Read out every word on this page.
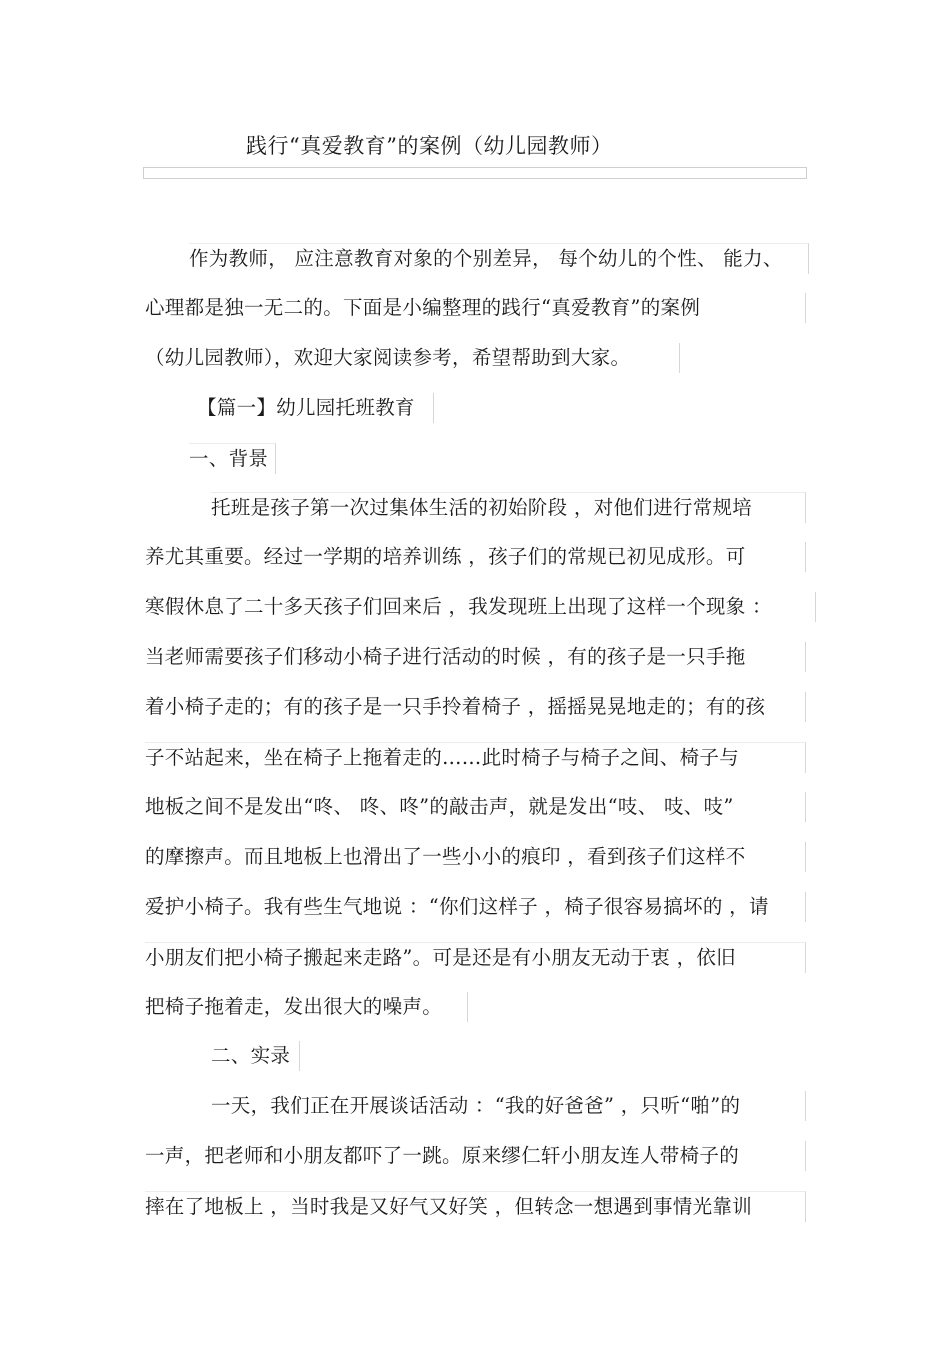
践行“真爱教育”的案例（幼儿园教师）
作为教师， 应注意教育对象的个别差异， 每个幼儿的个性、 能力、
心理都是独一无二的。下面是小编整理的践行“真爱教育”的案例
（幼儿园教师），欢迎大家阅读参考，希望帮助到大家。
【篇一】幼儿园托班教育
一、背景
托班是孩子第一次过集体生活的初始阶段 ，对他们进行常规培
养尤其重要。经过一学期的培养训练 ，孩子们的常规已初见成形。可
寒假休息了二十多天孩子们回来后 ，我发现班上出现了这样一个现象 ：
当老师需要孩子们移动小椅子进行活动的时候 ，有的孩子是一只手拖
着小椅子走的；有的孩子是一只手拎着椅子 ，摇摇晃晃地走的；有的孩
子不站起来，坐在椅子上拖着走的……此时椅子与椅子之间、椅子与
地板之间不是发出“咚、 咚、咚”的敲击声，就是发出“吱、 吱、吱”
的摩擦声。而且地板上也滑出了一些小小的痕印 ，看到孩子们这样不
爱护小椅子。我有些生气地说 ：“你们这样子 ，椅子很容易搞坏的 ，请
小朋友们把小椅子搬起来走路”。可是还是有小朋友无动于衷 ，依旧
把椅子拖着走，发出很大的噪声。
二、实录
一天，我们正在开展谈话活动 ：“我的好爸爸” ，只听“啪”的
一声，把老师和小朋友都吓了一跳。原来缪仁轩小朋友连人带椅子的
摔在了地板上 ，当时我是又好气又好笑 ，但转念一想遇到事情光靠训
